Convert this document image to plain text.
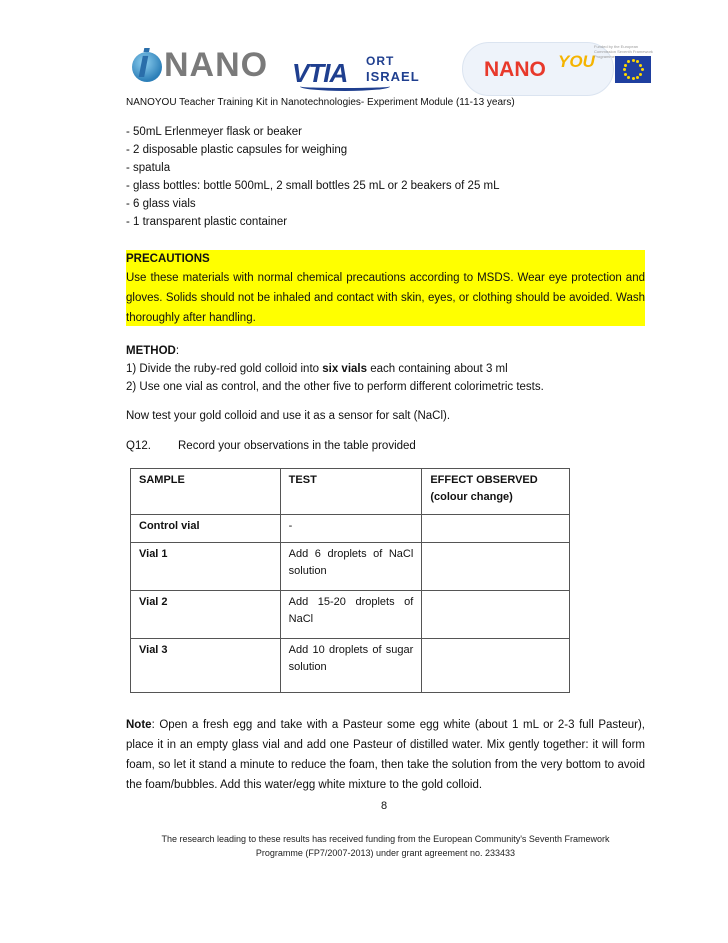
i NANO VTIA ORT
ISRAEL	NANO YOU
Funded by the European Commission Seventh Framework Programme
NANOYOU Teacher Training Kit in Nanotechnologies- Experiment Module (11-13 years)
- 50mL Erlenmeyer flask or beaker
- 2 disposable plastic capsules for weighing
- spatula
- glass bottles: bottle 500mL, 2 small bottles 25 mL or 2 beakers of 25 mL
- 6 glass vials
- 1 transparent plastic container
PRECAUTIONS
Use these materials with normal chemical precautions according to MSDS. Wear eye protection and gloves. Solids should not be inhaled and contact with skin, eyes, or clothing should be avoided. Wash thoroughly after handling.
METHOD:
1) Divide the ruby-red gold colloid into six vials each containing about 3 ml
2) Use one vial as control, and the other five to perform different colorimetric tests.
Now test your gold colloid and use it as a sensor for salt (NaCl).
Q12. Record your observations in the table provided
SAMPLE	TEST	EFFECT OBSERVED
(colour change)

Control vial	-	
Vial 1	Add 6 droplets of NaCl solution	
Vial 2	Add 15-20 droplets of NaCl	
Vial 3	Add 10 droplets of sugar solution	
Note: Open a fresh egg and take with a Pasteur some egg white (about 1 mL or 2-3 full Pasteur), place it in an empty glass vial and add one Pasteur of distilled water. Mix gently together: it will form foam, so let it stand a minute to reduce the foam, then take the solution from the very bottom to avoid the foam/bubbles. Add this water/egg white mixture to the gold colloid.
8
The research leading to these results has received funding from the European Community's Seventh Framework
Programme (FP7/2007-2013) under grant agreement no. 233433
